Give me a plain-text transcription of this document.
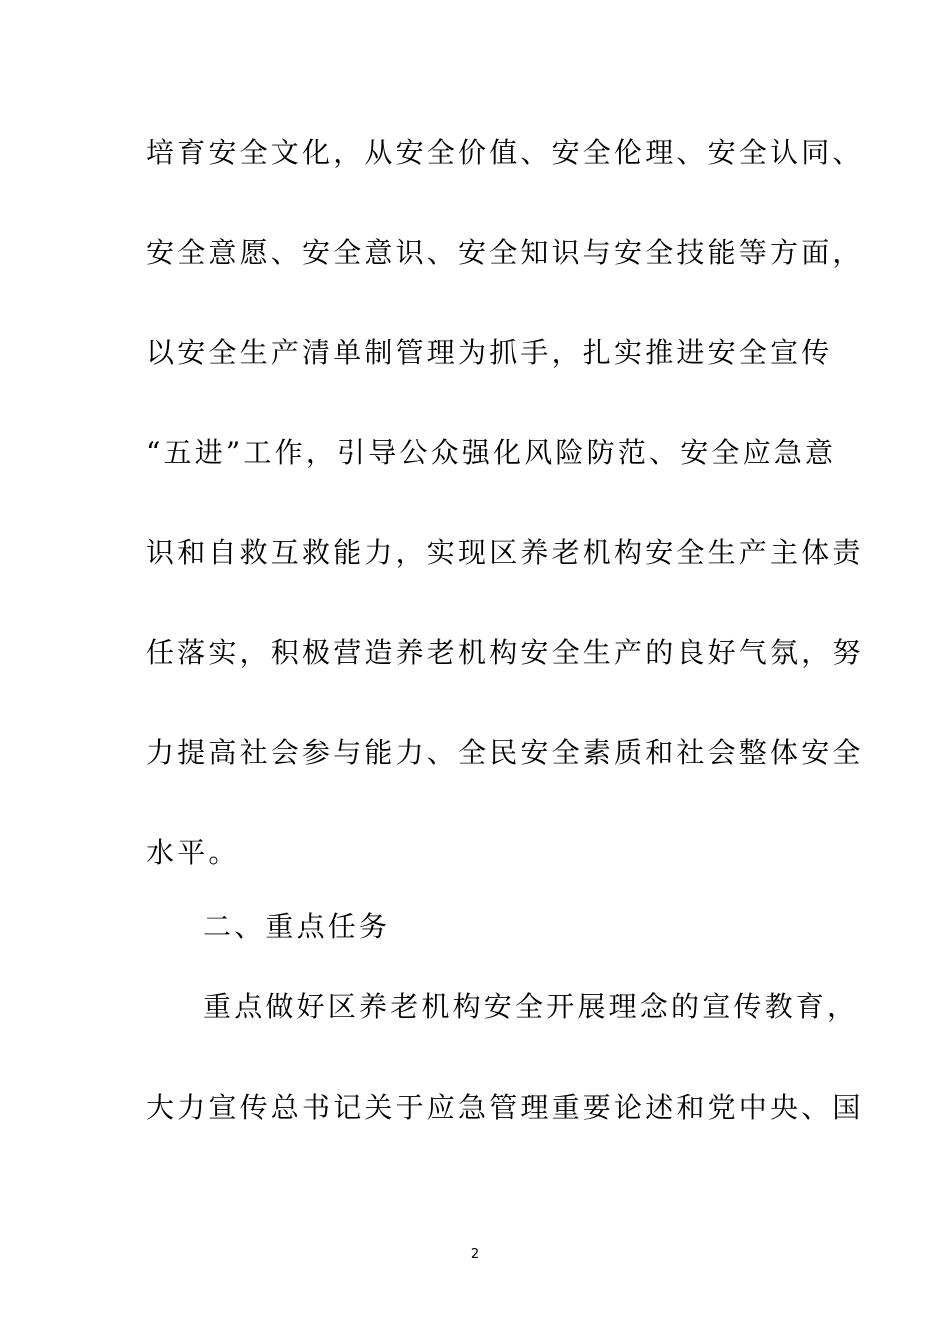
培育安全文化，从安全价值、安全伦理、安全认同、
安全意愿、安全意识、安全知识与安全技能等方面，
以安全生产清单制管理为抓手，扎实推进安全宣传
“五进”工作，引导公众强化风险防范、安全应急意
识和自救互救能力，实现区养老机构安全生产主体责
任落实，积极营造养老机构安全生产的良好气氛，努
力提高社会参与能力、全民安全素质和社会整体安全
水平。
二、重点任务
重点做好区养老机构安全开展理念的宣传教育，
大力宣传总书记关于应急管理重要论述和党中央、国
2
